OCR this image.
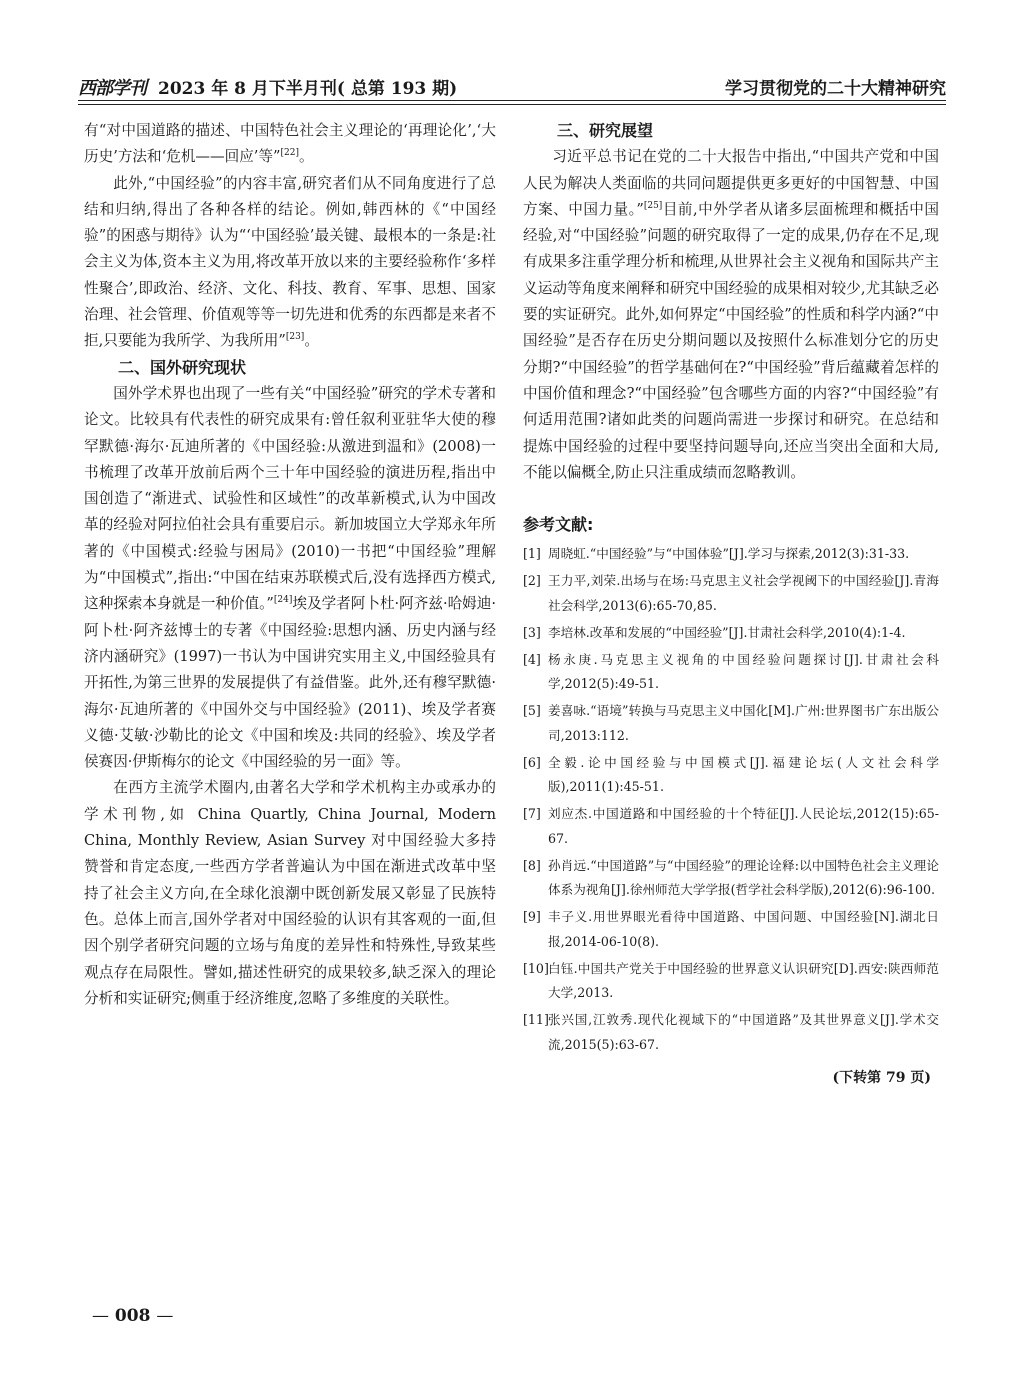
西部学刊 2023 年 8 月下半月刊( 总第 193 期)	学习贯彻党的二十大精神研究

有“对中国道路的描述、中国特色社会主义理论的‘再理论化’,‘大历史’方法和‘危机——回应’等”[22]。

此外,“中国经验”的内容丰富,研究者们从不同角度进行了总结和归纳,得出了各种各样的结论。例如,韩西林的《“中国经验”的困惑与期待》认为“‘中国经验’最关键、最根本的一条是:社会主义为体,资本主义为用,将改革开放以来的主要经验称作‘多样性聚合’,即政治、经济、文化、科技、教育、军事、思想、国家治理、社会管理、价值观等等一切先进和优秀的东西都是来者不拒,只要能为我所学、为我所用”[23]。

二、国外研究现状

国外学术界也出现了一些有关“中国经验”研究的学术专著和论文。比较具有代表性的研究成果有:曾任叙利亚驻华大使的穆罕默德·海尔·瓦迪所著的《中国经验:从激进到温和》(2008)一书梳理了改革开放前后两个三十年中国经验的演进历程,指出中国创造了“渐进式、试验性和区域性”的改革新模式,认为中国改革的经验对阿拉伯社会具有重要启示。新加坡国立大学郑永年所著的《中国模式:经验与困局》(2010)一书把“中国经验”理解为“中国模式”,指出:“中国在结束苏联模式后,没有选择西方模式,这种探索本身就是一种价值。”[24]埃及学者阿卜杜·阿齐兹·哈姆迪·阿卜杜·阿齐兹博士的专著《中国经验:思想内涵、历史内涵与经济内涵研究》(1997)一书认为中国讲究实用主义,中国经验具有开拓性,为第三世界的发展提供了有益借鉴。此外,还有穆罕默德·海尔·瓦迪所著的《中国外交与中国经验》(2011)、埃及学者赛义德·艾敏·沙勒比的论文《中国和埃及:共同的经验》、埃及学者侯赛因·伊斯梅尔的论文《中国经验的另一面》等。

在西方主流学术圈内,由著名大学和学术机构主办或承办的学术刊物,如 China Quartly, China Journal, Modern China, Monthly Review, Asian Survey 对中国经验大多持赞誉和肯定态度,一些西方学者普遍认为中国在渐进式改革中坚持了社会主义方向,在全球化浪潮中既创新发展又彰显了民族特色。总体上而言,国外学者对中国经验的认识有其客观的一面,但因个别学者研究问题的立场与角度的差异性和特殊性,导致某些观点存在局限性。譬如,描述性研究的成果较多,缺乏深入的理论分析和实证研究;侧重于经济维度,忽略了多维度的关联性。

三、研究展望

习近平总书记在党的二十大报告中指出,“中国共产党和中国人民为解决人类面临的共同问题提供更多更好的中国智慧、中国方案、中国力量。”[25]目前,中外学者从诸多层面梳理和概括中国经验,对“中国经验”问题的研究取得了一定的成果,仍存在不足,现有成果多注重学理分析和梳理,从世界社会主义视角和国际共产主义运动等角度来阐释和研究中国经验的成果相对较少,尤其缺乏必要的实证研究。此外,如何界定“中国经验”的性质和科学内涵?“中国经验”是否存在历史分期问题以及按照什么标准划分它的历史分期?“中国经验”的哲学基础何在?“中国经验”背后蕴藏着怎样的中国价值和理念?“中国经验”包含哪些方面的内容?“中国经验”有何适用范围?诸如此类的问题尚需进一步探讨和研究。在总结和提炼中国经验的过程中要坚持问题导向,还应当突出全面和大局,不能以偏概全,防止只注重成绩而忽略教训。

参考文献:
[1] 周晓虹.“中国经验”与“中国体验”[J].学习与探索,2012(3):31-33.
[2] 王力平,刘荣.出场与在场:马克思主义社会学视阈下的中国经验[J].青海社会科学,2013(6):65-70,85.
[3] 李培林.改革和发展的“中国经验”[J].甘肃社会科学,2010(4):1-4.
[4] 杨永庚.马克思主义视角的中国经验问题探讨[J].甘肃社会科学,2012(5):49-51.
[5] 姜喜咏.“语境”转换与马克思主义中国化[M].广州:世界图书广东出版公司,2013:112.
[6] 全毅.论中国经验与中国模式[J].福建论坛(人文社会科学版),2011(1):45-51.
[7] 刘应杰.中国道路和中国经验的十个特征[J].人民论坛,2012(15):65-67.
[8] 孙肖远.“中国道路”与“中国经验”的理论诠释:以中国特色社会主义理论体系为视角[J].徐州师范大学学报(哲学社会科学版),2012(6):96-100.
[9] 丰子义.用世界眼光看待中国道路、中国问题、中国经验[N].湖北日报,2014-06-10(8).
[10] 白钰.中国共产党关于中国经验的世界意义认识研究[D].西安:陕西师范大学,2013.
[11] 张兴国,江敦秀.现代化视域下的“中国道路”及其世界意义[J].学术交流,2015(5):63-67.
(下转第 79 页)
— 008 —
